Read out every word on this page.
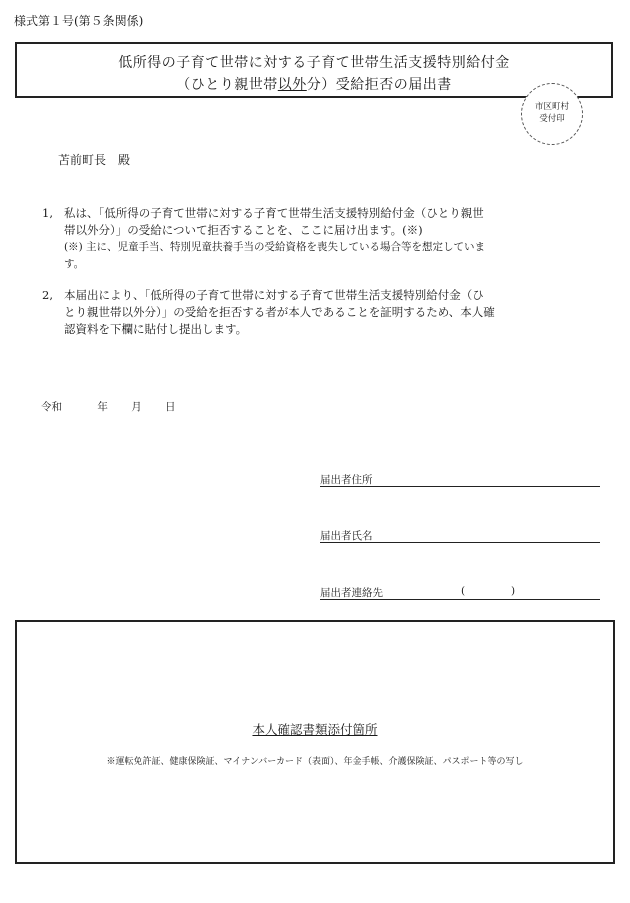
様式第１号(第５条関係)
低所得の子育て世帯に対する子育て世帯生活支援特別給付金
（ひとり親世帯以外分）受給拒否の届出書
市区町村
受付印
苫前町長　殿
1, 私は、「低所得の子育て世帯に対する子育て世帯生活支援特別給付金（ひとり親世
帯以外分）」の受給について拒否することを、ここに届け出ます。(※)
(※) 主に、児童手当、特別児童扶養手当の受給資格を喪失している場合等を想定していま
す。
2, 本届出により、「低所得の子育て世帯に対する子育て世帯生活支援特別給付金（ひ
とり親世帯以外分）」の受給を拒否する者が本人であることを証明するため、本人確
認資料を下欄に貼付し提出します。
令和	年 月 日
届出者住所
届出者氏名
届出者連絡先	(	)
本人確認書類添付箇所
※運転免許証、健康保険証、マイナンバーカード（表面）、年金手帳、介護保険証、パスポート等の写し
